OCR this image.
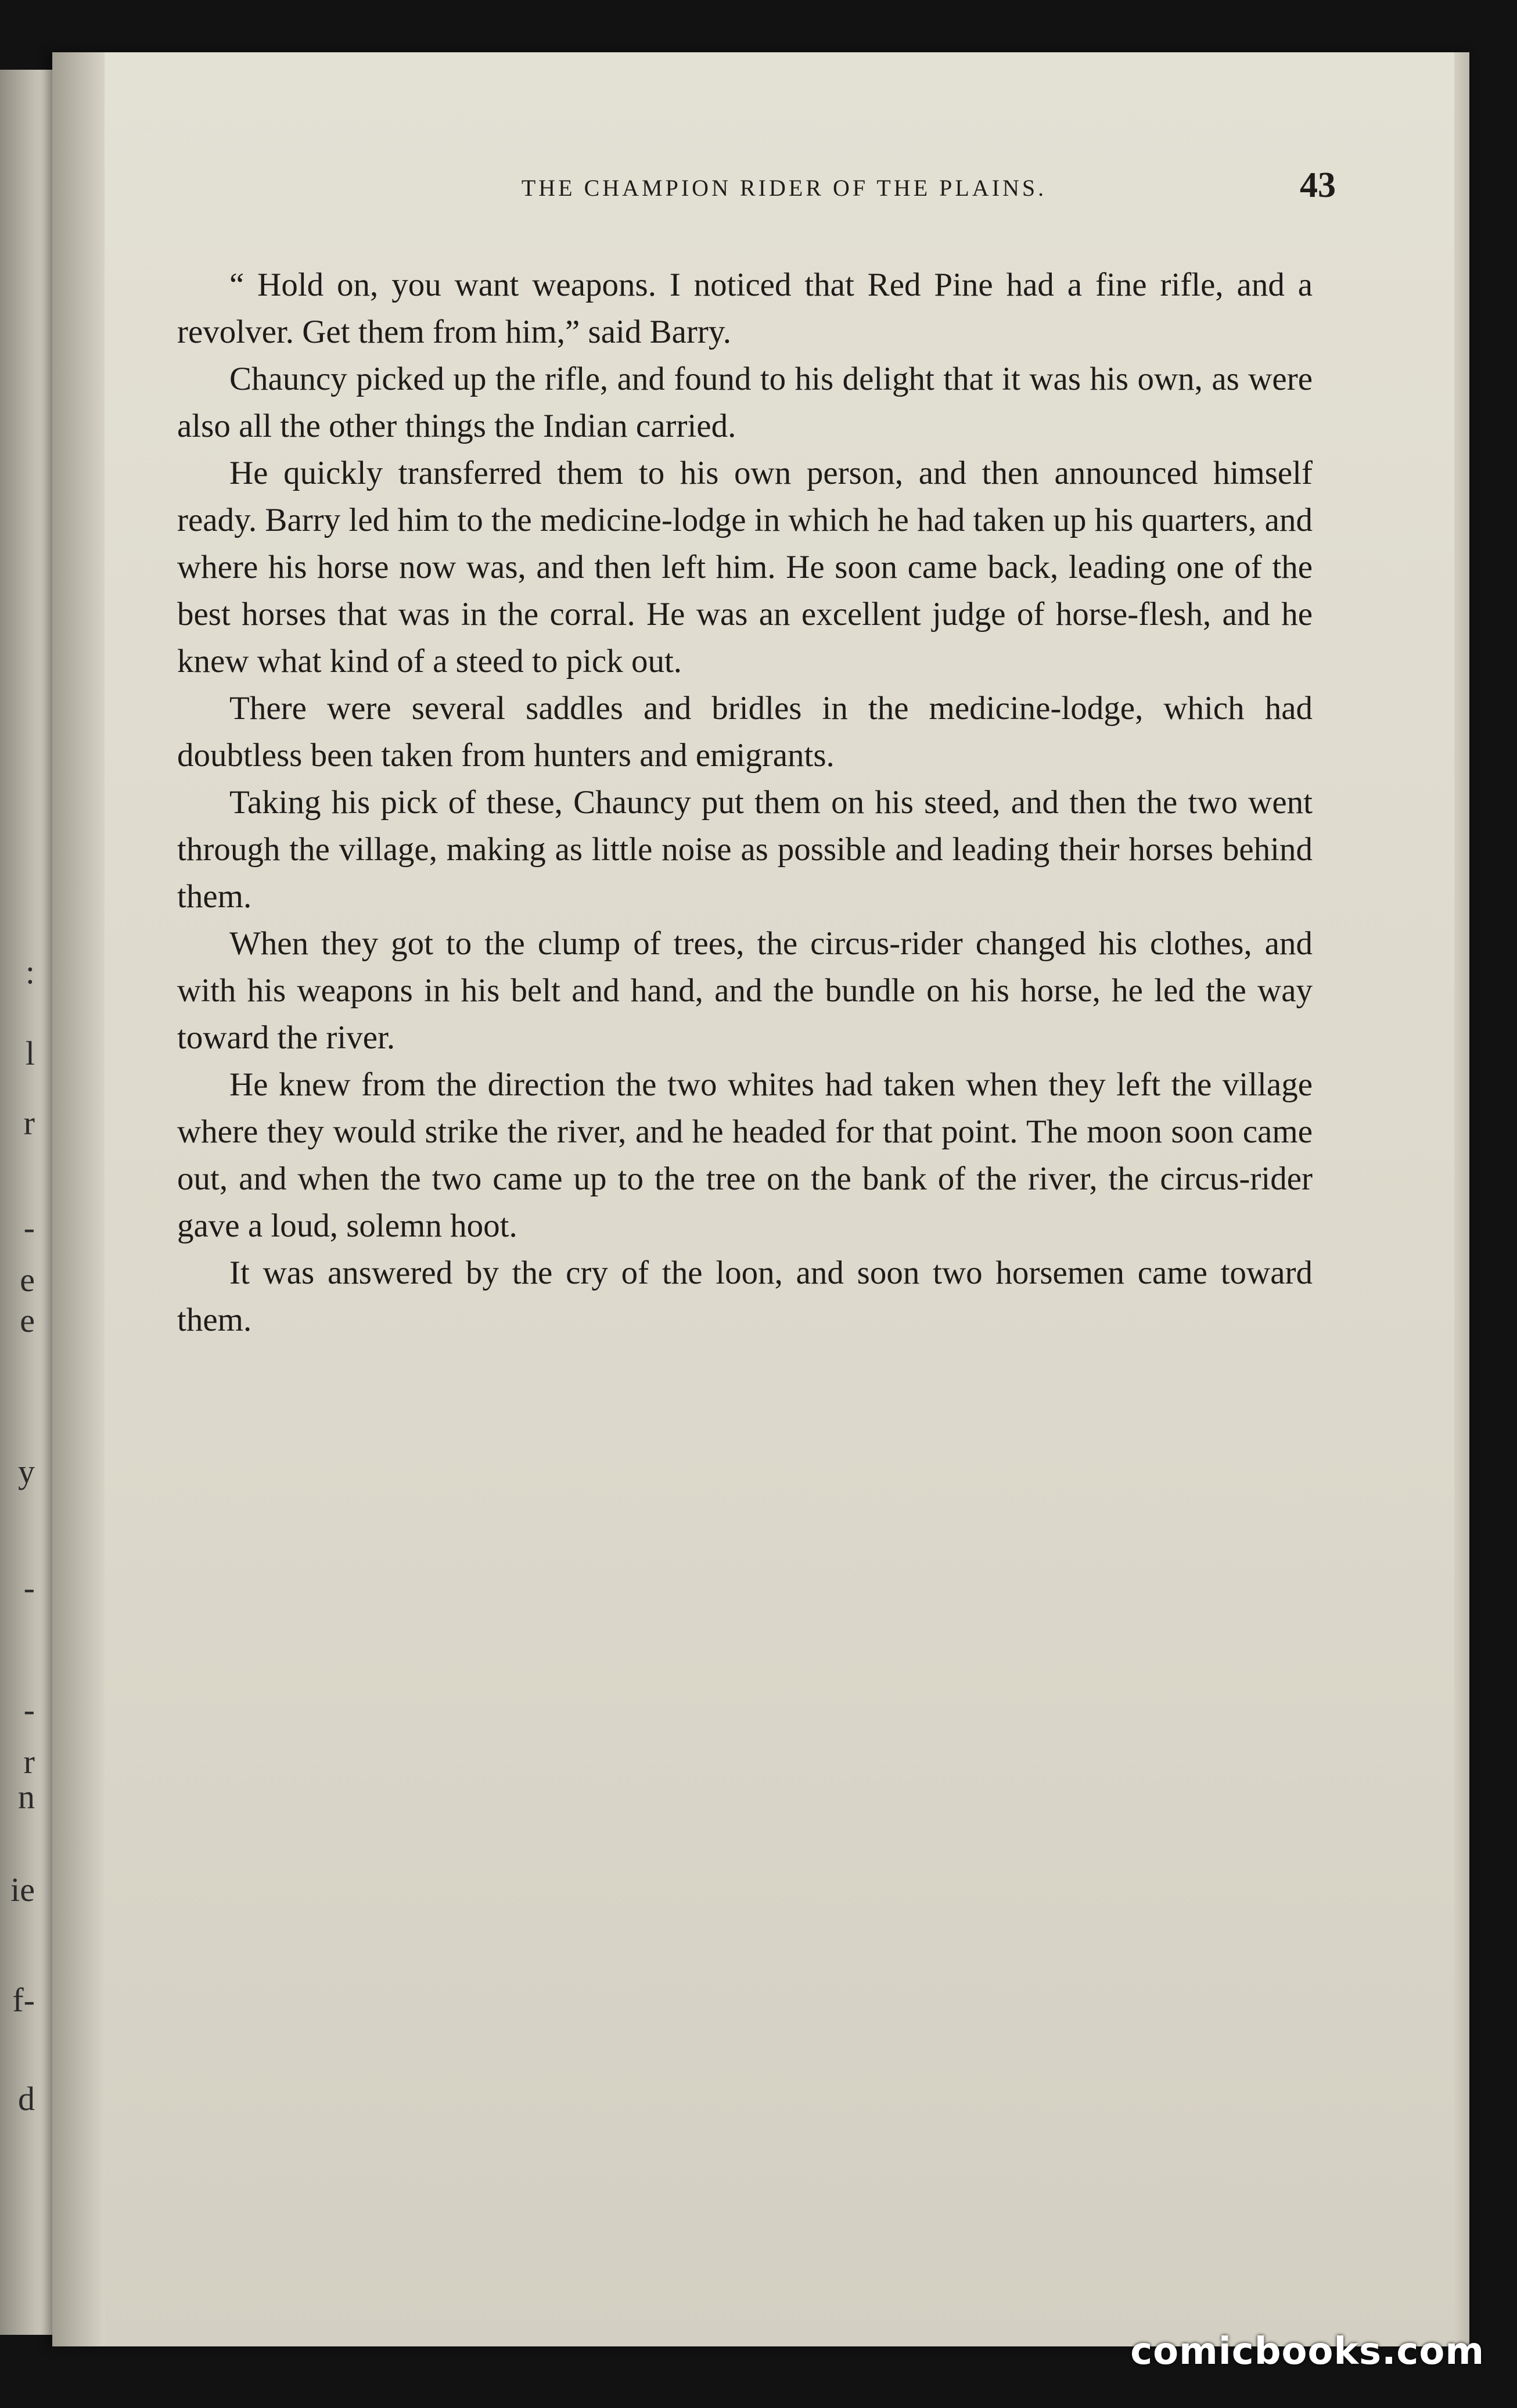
:
l
r
-
e
e
y
-
-
r
n
ie
f-
d
THE CHAMPION RIDER OF THE PLAINS.	43

“ Hold on, you want weapons. I noticed that Red Pine had a fine rifle, and a revolver. Get them from him,” said Barry.

Chauncy picked up the rifle, and found to his delight that it was his own, as were also all the other things the Indian carried.

He quickly transferred them to his own person, and then announced himself ready. Barry led him to the medicine-lodge in which he had taken up his quarters, and where his horse now was, and then left him. He soon came back, leading one of the best horses that was in the corral. He was an excellent judge of horse-flesh, and he knew what kind of a steed to pick out.

There were several saddles and bridles in the medicine-lodge, which had doubtless been taken from hunters and emigrants.

Taking his pick of these, Chauncy put them on his steed, and then the two went through the village, making as little noise as possible and leading their horses behind them.

When they got to the clump of trees, the circus-rider changed his clothes, and with his weapons in his belt and hand, and the bundle on his horse, he led the way toward the river.

He knew from the direction the two whites had taken when they left the village where they would strike the river, and he headed for that point. The moon soon came out, and when the two came up to the tree on the bank of the river, the circus-rider gave a loud, solemn hoot.

It was answered by the cry of the loon, and soon two horsemen came toward them.

comicbooks.com
